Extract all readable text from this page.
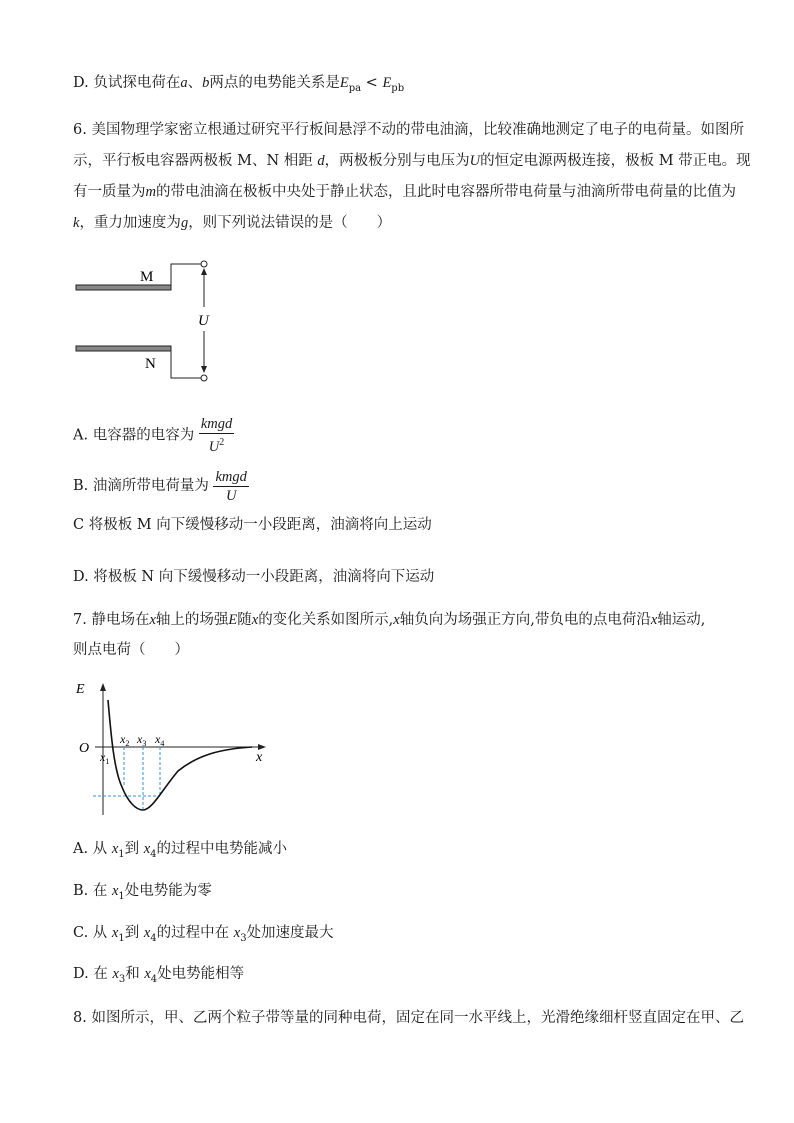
D. 负试探电荷在a、b两点的电势能关系是$E_{pa} < E_{pb}$
6. 美国物理学家密立根通过研究平行板间悬浮不动的带电油滴，比较准确地测定了电子的电荷量。如图所
示，平行板电容器两极板 M、N 相距 d，两极板分别与电压为U的恒定电源两极连接，极板 M 带正电。现
有一质量为m的带电油滴在极板中央处于静止状态，且此时电容器所带电荷量与油滴所带电荷量的比值为
k，重力加速度为g，则下列说法错误的是（　　）
M
N
U
A. 电容器的电容为 $\frac{\text{kmgd}}{U^2}$
B. 油滴所带电荷量为 $\frac{\text{kmgd}}{U}$
C 将极板 M 向下缓慢移动一小段距离，油滴将向上运动
D. 将极板 N 向下缓慢移动一小段距离，油滴将向下运动
7. 静电场在x轴上的场强E随x的变化关系如图所示,x轴负向为场强正方向,带负电的点电荷沿x轴运动,
则点电荷（　　）
E
O
x
$x_1$
$x_2$ $x_3$ $x_4$
A. 从 $x_1$到 $x_4$的过程中电势能减小
B. 在 $x_1$处电势能为零
C. 从 $x_1$到 $x_4$的过程中在 $x_3$处加速度最大
D. 在 $x_3$和 $x_4$处电势能相等
8. 如图所示，甲、乙两个粒子带等量的同种电荷，固定在同一水平线上，光滑绝缘细杆竖直固定在甲、乙
